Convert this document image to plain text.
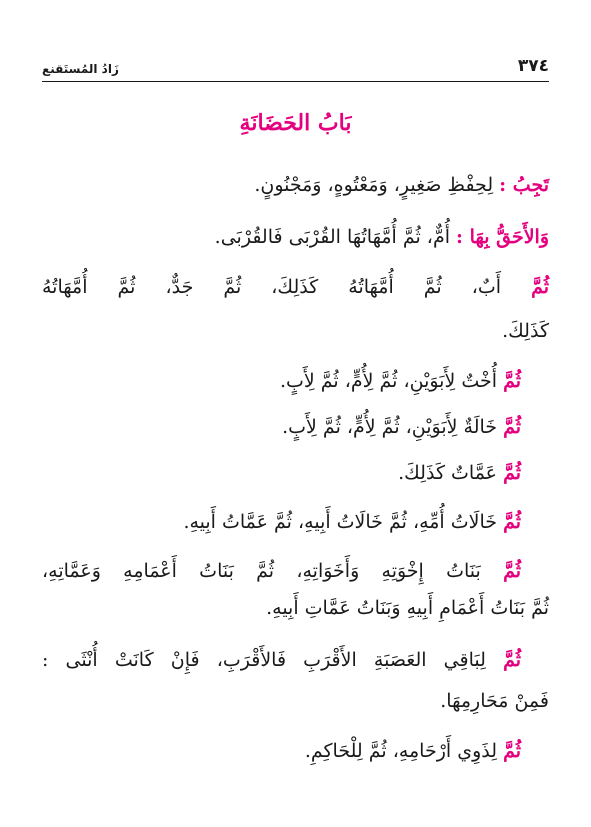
٣٧٤
زَادُ المُستَقنع
بَابُ الحَضَانَةِ
تَجِبُ : لِحِفْظِ صَغِيرٍ، وَمَعْتُوهٍ، وَمَجْنُونٍ.
وَالأَحَقُّ بِهَا : أُمٌّ، ثُمَّ أُمَّهَاتُهَا القُرْبَى فَالقُرْبَى.
ثُمَّ أَبٌ، ثُمَّ أُمَّهَاتُهُ كَذَلِكَ، ثُمَّ جَدٌّ، ثُمَّ أُمَّهَاتُهُ
كَذَلِكَ.
ثُمَّ أُخْتٌ لِأَبَوَيْنِ، ثُمَّ لِأُمٍّ، ثُمَّ لِأَبٍ.
ثُمَّ خَالَةٌ لِأَبَوَيْنِ، ثُمَّ لِأُمٍّ، ثُمَّ لِأَبٍ.
ثُمَّ عَمَّاتٌ كَذَلِكَ.
ثُمَّ خَالَاتُ أُمِّهِ، ثُمَّ خَالَاتُ أَبِيهِ، ثُمَّ عَمَّاتُ أَبِيهِ.
ثُمَّ بَنَاتُ إِخْوَتِهِ وَأَخَوَاتِهِ، ثُمَّ بَنَاتُ أَعْمَامِهِ وَعَمَّاتِهِ،
ثُمَّ بَنَاتُ أَعْمَامِ أَبِيهِ وَبَنَاتُ عَمَّاتِ أَبِيهِ.
ثُمَّ لِبَاقِي العَصَبَةِ الأَقْرَبِ فَالأَقْرَبِ، فَإِنْ كَانَتْ أُنْثَى :
فَمِنْ مَحَارِمِهَا.
ثُمَّ لِذَوِي أَرْحَامِهِ، ثُمَّ لِلْحَاكِمِ.
